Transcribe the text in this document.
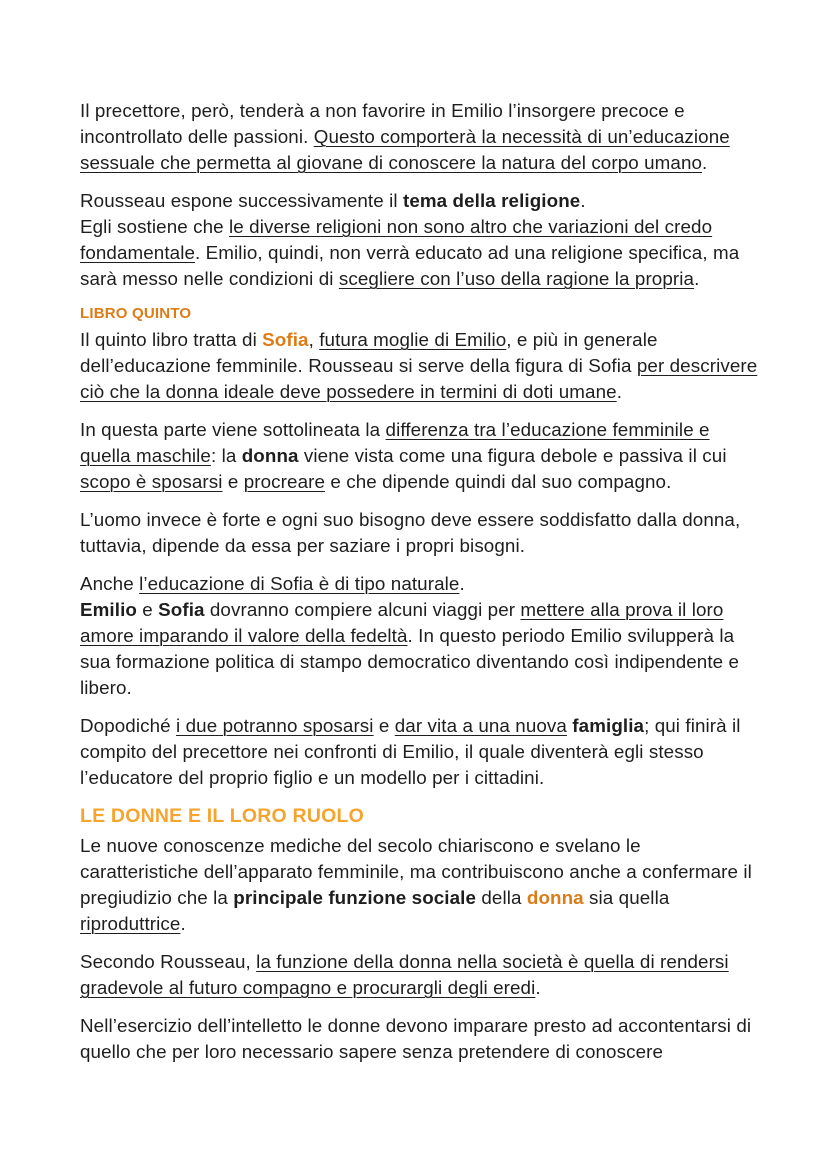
Il precettore, però, tenderà a non favorire in Emilio l’insorgere precoce e incontrollato delle passioni. Questo comporterà la necessità di un’educazione sessuale che permetta al giovane di conoscere la natura del corpo umano.

Rousseau espone successivamente il tema della religione.
Egli sostiene che le diverse religioni non sono altro che variazioni del credo fondamentale. Emilio, quindi, non verrà educato ad una religione specifica, ma sarà messo nelle condizioni di scegliere con l’uso della ragione la propria.

LIBRO QUINTO

Il quinto libro tratta di Sofia, futura moglie di Emilio, e più in generale dell’educazione femminile. Rousseau si serve della figura di Sofia per descrivere ciò che la donna ideale deve possedere in termini di doti umane.

In questa parte viene sottolineata la differenza tra l’educazione femminile e quella maschile: la donna viene vista come una figura debole e passiva il cui scopo è sposarsi e procreare e che dipende quindi dal suo compagno.

L’uomo invece è forte e ogni suo bisogno deve essere soddisfatto dalla donna, tuttavia, dipende da essa per saziare i propri bisogni.

Anche l’educazione di Sofia è di tipo naturale.
Emilio e Sofia dovranno compiere alcuni viaggi per mettere alla prova il loro amore imparando il valore della fedeltà. In questo periodo Emilio svilupperà la sua formazione politica di stampo democratico diventando così indipendente e libero.

Dopodiché i due potranno sposarsi e dar vita a una nuova famiglia; qui finirà il compito del precettore nei confronti di Emilio, il quale diventerà egli stesso l’educatore del proprio figlio e un modello per i cittadini.

LE DONNE E IL LORO RUOLO

Le nuove conoscenze mediche del secolo chiariscono e svelano le caratteristiche dell’apparato femminile, ma contribuiscono anche a confermare il pregiudizio che la principale funzione sociale della donna sia quella riproduttrice.

Secondo Rousseau, la funzione della donna nella società è quella di rendersi gradevole al futuro compagno e procurargli degli eredi.

Nell’esercizio dell’intelletto le donne devono imparare presto ad accontentarsi di quello che per loro necessario sapere senza pretendere di conoscere
